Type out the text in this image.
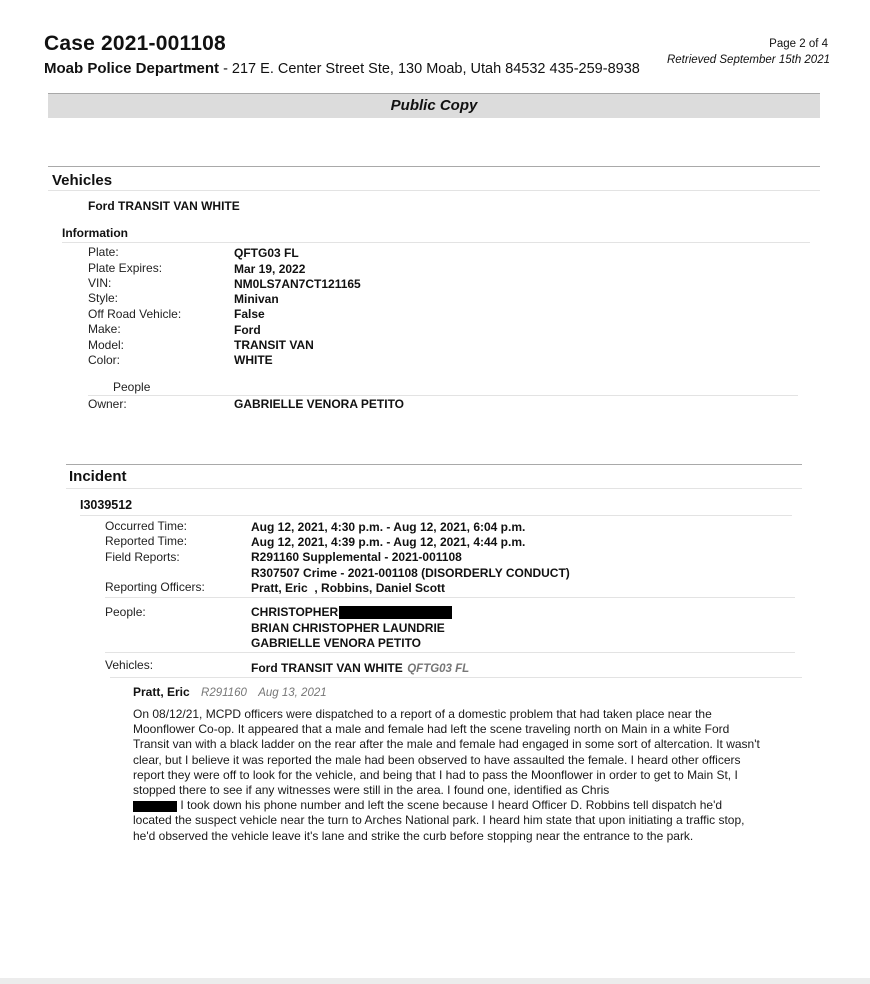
Case 2021-001108
Moab Police Department - 217 E. Center Street Ste, 130 Moab, Utah 84532 435-259-8938
Page 2 of 4
Retrieved September 15th 2021
Public Copy
Vehicles
Ford TRANSIT VAN WHITE
Information
Plate:	QFTG03 FL
Plate Expires:	Mar 19, 2022
VIN:	NM0LS7AN7CT121165
Style:	Minivan
Off Road Vehicle:	False
Make:	Ford
Model:	TRANSIT VAN
Color:	WHITE
People
Owner:	GABRIELLE VENORA PETITO
Incident
I3039512
Occurred Time:	Aug 12, 2021, 4:30 p.m. - Aug 12, 2021, 6:04 p.m.
Reported Time:	Aug 12, 2021, 4:39 p.m. - Aug 12, 2021, 4:44 p.m.
Field Reports:	R291160 Supplemental - 2021-001108
R307507 Crime - 2021-001108 (DISORDERLY CONDUCT)
Reporting Officers:	Pratt, Eric  , Robbins, Daniel Scott
People:	CHRISTOPHER
BRIAN CHRISTOPHER LAUNDRIE
GABRIELLE VENORA PETITO
Vehicles:	Ford TRANSIT VAN WHITE QFTG03 FL
Pratt, Eric R291160 Aug 13, 2021
On 08/12/21, MCPD officers were dispatched to a report of a domestic problem that had taken place near the Moonflower Co-op. It appeared that a male and female had left the scene traveling north on Main in a white Ford Transit van with a black ladder on the rear after the male and female had engaged in some sort of altercation. It wasn't clear, but I believe it was reported the male had been observed to have assaulted the female. I heard other officers report they were off to look for the vehicle, and being that I had to pass the Moonflower in order to get to Main St, I stopped there to see if any witnesses were still in the area. I found one, identified as Chris
I took down his phone number and left the scene because I heard Officer D. Robbins tell dispatch he'd located the suspect vehicle near the turn to Arches National park. I heard him state that upon initiating a traffic stop, he'd observed the vehicle leave it's lane and strike the curb before stopping near the entrance to the park.
